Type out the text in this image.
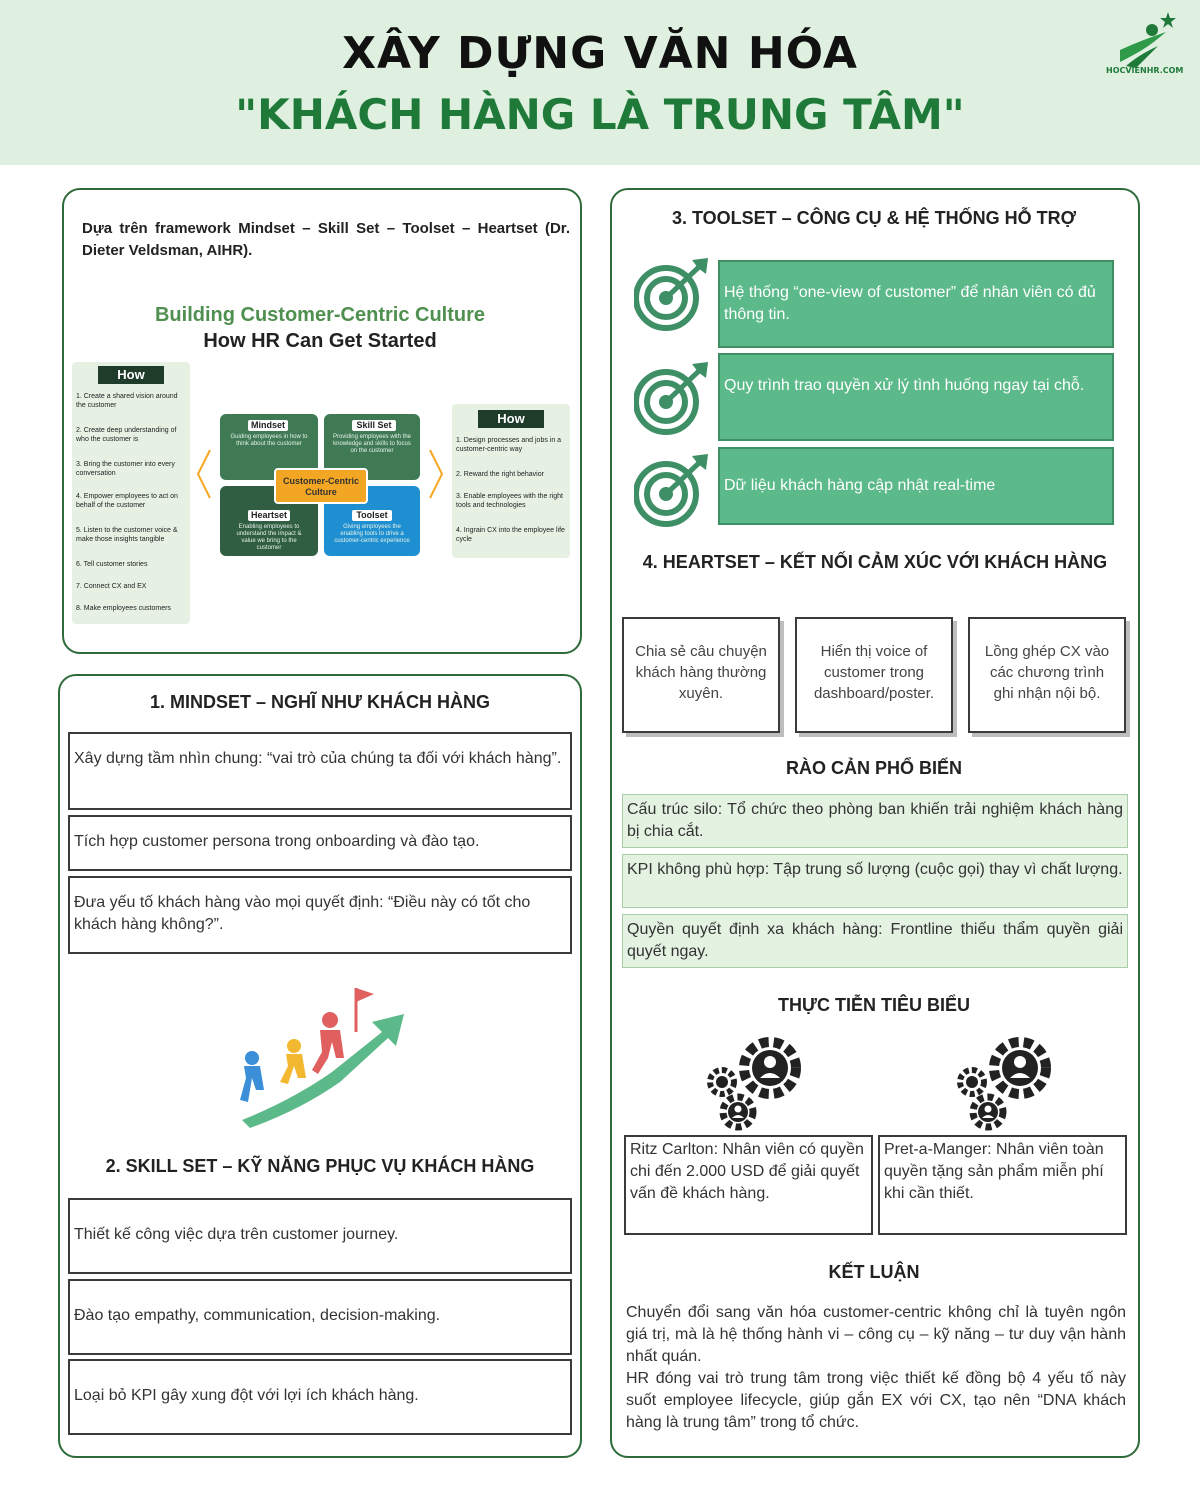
XÂY DỰNG VĂN HÓA
"KHÁCH HÀNG LÀ TRUNG TÂM"
HOCVIENHR.COM
Dựa trên framework Mindset – Skill Set – Toolset – Heartset (Dr. Dieter Veldsman, AIHR).
Building Customer-Centric Culture
How HR Can Get Started
How
1. Create a shared vision around the customer
2. Create deep understanding of who the customer is
3. Bring the customer into every conversation
4. Empower employees to act on behalf of the customer
5. Listen to the customer voice & make those insights tangible
6. Tell customer stories
7. Connect CX and EX
8. Make employees customers
How
1. Design processes and jobs in a customer-centric way
2. Reward the right behavior
3. Enable employees with the right tools and technologies
4. Ingrain CX into the employee life cycle
Mindset
Guiding employees in how to think about the customer
Skill Set
Providing employees with the knowledge and skills to focus on the customer
Heartset
Enabling employees to understand the impact & value we bring to the customer
Toolset
Giving employees the enabling tools to drive a customer-centric experience
Customer-Centric Culture
1. MINDSET – NGHĨ NHƯ KHÁCH HÀNG
Xây dựng tầm nhìn chung: “vai trò của chúng ta đối với khách hàng”.
Tích hợp customer persona trong onboarding và đào tạo.
Đưa yếu tố khách hàng vào mọi quyết định: “Điều này có tốt cho khách hàng không?”.
2. SKILL SET – KỸ NĂNG PHỤC VỤ KHÁCH HÀNG
Thiết kế công việc dựa trên customer journey.
Đào tạo empathy, communication, decision-making.
Loại bỏ KPI gây xung đột với lợi ích khách hàng.
3. TOOLSET – CÔNG CỤ & HỆ THỐNG HỖ TRỢ
Hệ thống “one-view of customer” để nhân viên có đủ thông tin.
Quy trình trao quyền xử lý tình huống ngay tại chỗ.
Dữ liệu khách hàng cập nhật real-time
4. HEARTSET – KẾT NỐI CẢM XÚC VỚI KHÁCH HÀNG
Chia sẻ câu chuyện khách hàng thường xuyên.
Hiển thị voice of customer trong dashboard/poster.
Lồng ghép CX vào các chương trình ghi nhận nội bộ.
RÀO CẢN PHỔ BIẾN
Cấu trúc silo: Tổ chức theo phòng ban khiến trải nghiệm khách hàng bị chia cắt.
KPI không phù hợp: Tập trung số lượng (cuộc gọi) thay vì chất lượng.
Quyền quyết định xa khách hàng: Frontline thiếu thẩm quyền giải quyết ngay.
THỰC TIỄN TIÊU BIỂU
Ritz Carlton: Nhân viên có quyền chi đến 2.000 USD để giải quyết vấn đề khách hàng.
Pret-a-Manger: Nhân viên toàn quyền tặng sản phẩm miễn phí khi cần thiết.
KẾT LUẬN
Chuyển đổi sang văn hóa customer-centric không chỉ là tuyên ngôn giá trị, mà là hệ thống hành vi – công cụ – kỹ năng – tư duy vận hành nhất quán.
HR đóng vai trò trung tâm trong việc thiết kế đồng bộ 4 yếu tố này suốt employee lifecycle, giúp gắn EX với CX, tạo nên “DNA khách hàng là trung tâm” trong tổ chức.
